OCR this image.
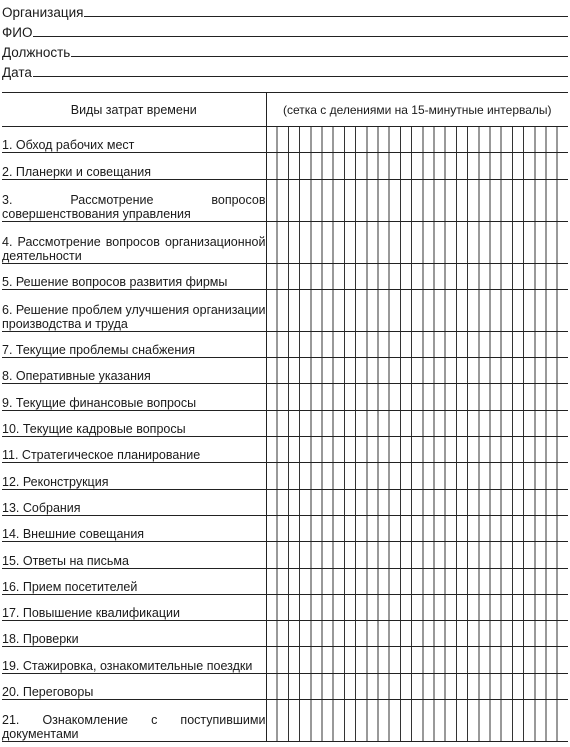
Организация
ФИО
Должность
Дата
Виды затрат времени	(сетка с делениями на 15-минутные интервалы)
1. Обход рабочих мест	
2. Планерки и совещания	
3. Рассмотрение вопросов совершенствования управления	
4. Рассмотрение вопросов организационной деятельности	
5. Решение вопросов развития фирмы	
6. Решение проблем улучшения организации производства и труда	
7. Текущие проблемы снабжения	
8. Оперативные указания	
9. Текущие финансовые вопросы	
10. Текущие кадровые вопросы	
11. Стратегическое планирование	
12. Реконструкция	
13. Собрания	
14. Внешние совещания	
15. Ответы на письма	
16. Прием посетителей	
17. Повышение квалификации	
18. Проверки	
19. Стажировка, ознакомительные поездки	
20. Переговоры	
21. Ознакомление с поступившими документами	
